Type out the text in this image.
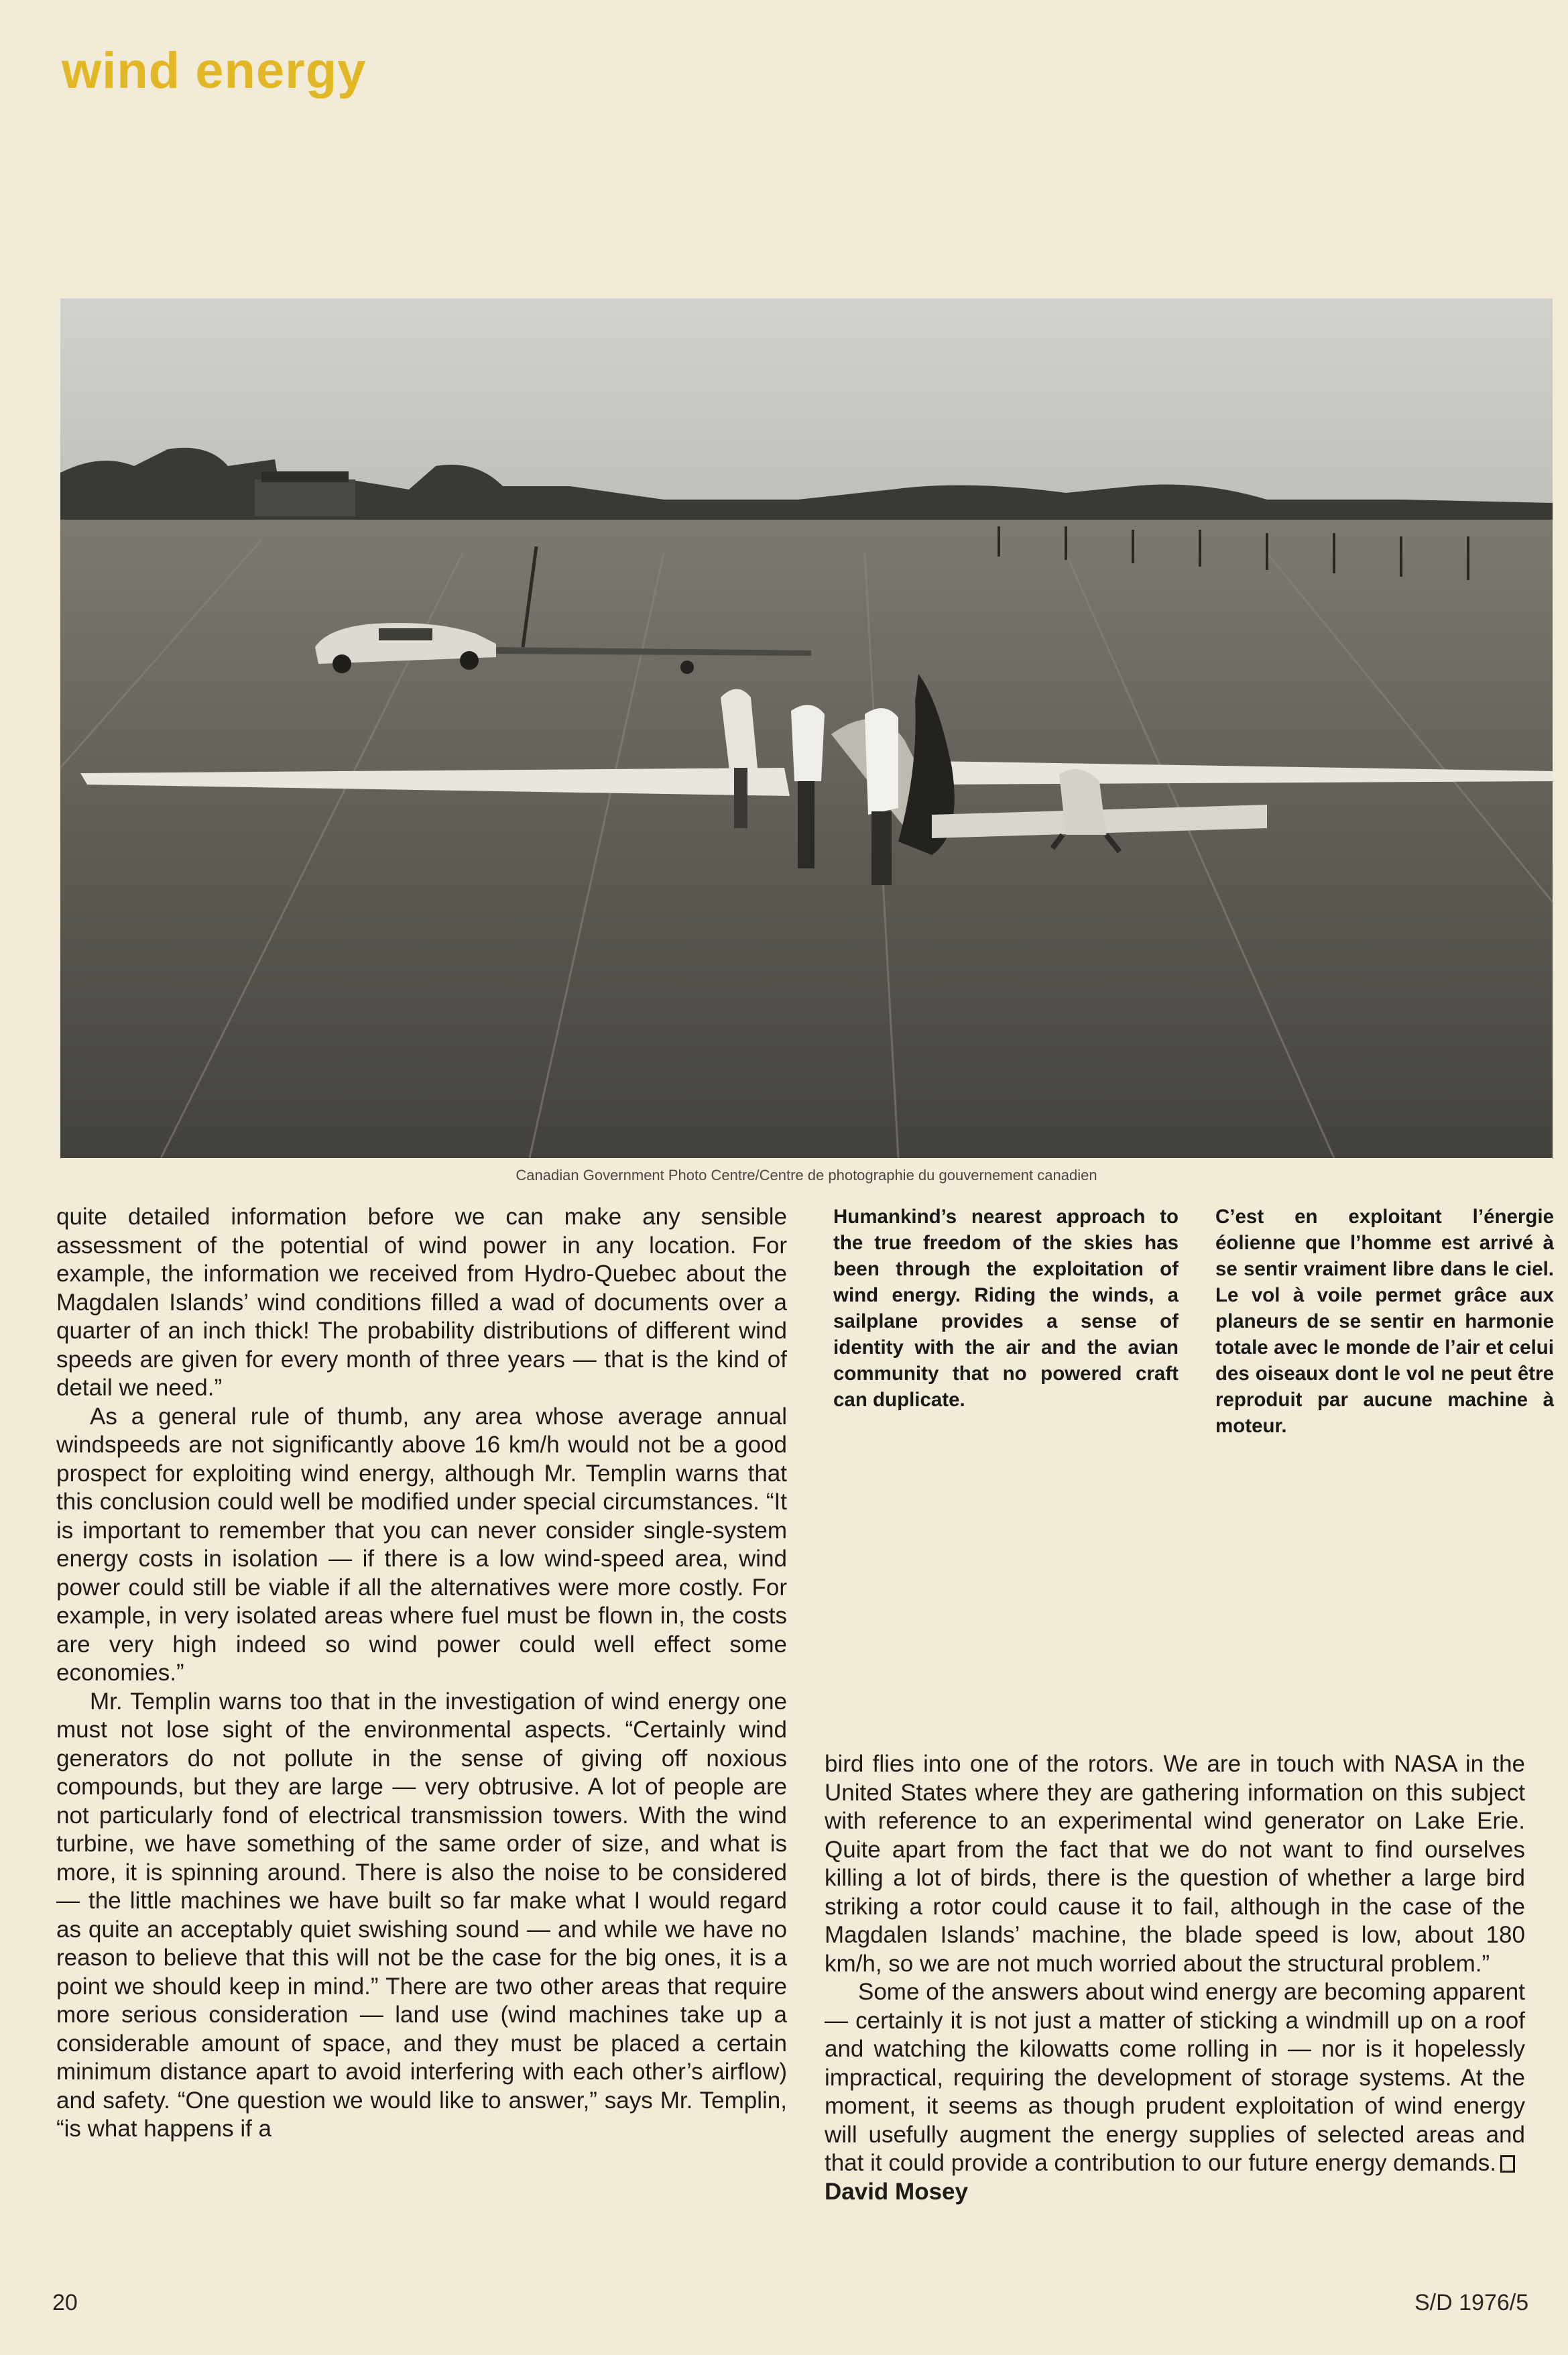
wind energy
Canadian Government Photo Centre/Centre de photographie du gouvernement canadien

quite detailed information before we can make any sensible assessment of the potential of wind power in any location. For example, the information we received from Hydro-Quebec about the Magdalen Islands’ wind conditions filled a wad of documents over a quarter of an inch thick! The probability distributions of different wind speeds are given for every month of three years — that is the kind of detail we need.”

As a general rule of thumb, any area whose average annual windspeeds are not significantly above 16 km/h would not be a good prospect for exploiting wind energy, although Mr. Templin warns that this conclusion could well be modified under special circumstances. “It is important to remember that you can never consider single-system energy costs in isolation — if there is a low wind-speed area, wind power could still be viable if all the alternatives were more costly. For example, in very isolated areas where fuel must be flown in, the costs are very high indeed so wind power could well effect some economies.”

Mr. Templin warns too that in the investigation of wind energy one must not lose sight of the environmental aspects. “Certainly wind generators do not pollute in the sense of giving off noxious compounds, but they are large — very obtrusive. A lot of people are not particularly fond of electrical transmission towers. With the wind turbine, we have something of the same order of size, and what is more, it is spinning around. There is also the noise to be considered — the little machines we have built so far make what I would regard as quite an acceptably quiet swishing sound — and while we have no reason to believe that this will not be the case for the big ones, it is a point we should keep in mind.” There are two other areas that require more serious consideration — land use (wind machines take up a considerable amount of space, and they must be placed a certain minimum distance apart to avoid interfering with each other’s airflow) and safety. “One question we would like to answer,” says Mr. Templin, “is what happens if a

Humankind’s nearest approach to the true freedom of the skies has been through the exploitation of wind energy. Riding the winds, a sailplane provides a sense of identity with the air and the avian community that no powered craft can duplicate.
C’est en exploitant l’énergie éolienne que l’homme est arrivé à se sentir vraiment libre dans le ciel. Le vol à voile permet grâce aux planeurs de se sentir en harmonie totale avec le monde de l’air et celui des oiseaux dont le vol ne peut être reproduit par aucune machine à moteur.

bird flies into one of the rotors. We are in touch with NASA in the United States where they are gathering information on this subject with reference to an experimental wind generator on Lake Erie. Quite apart from the fact that we do not want to find ourselves killing a lot of birds, there is the question of whether a large bird striking a rotor could cause it to fail, although in the case of the Magdalen Islands’ machine, the blade speed is low, about 180 km/h, so we are not much worried about the structural problem.”

Some of the answers about wind energy are becoming apparent — certainly it is not just a matter of sticking a windmill up on a roof and watching the kilowatts come rolling in — nor is it hopelessly impractical, requiring the development of storage systems. At the moment, it seems as though prudent exploitation of wind energy will usefully augment the energy supplies of selected areas and that it could provide a contribution to our future energy demands.

David Mosey

20	S/D 1976/5
